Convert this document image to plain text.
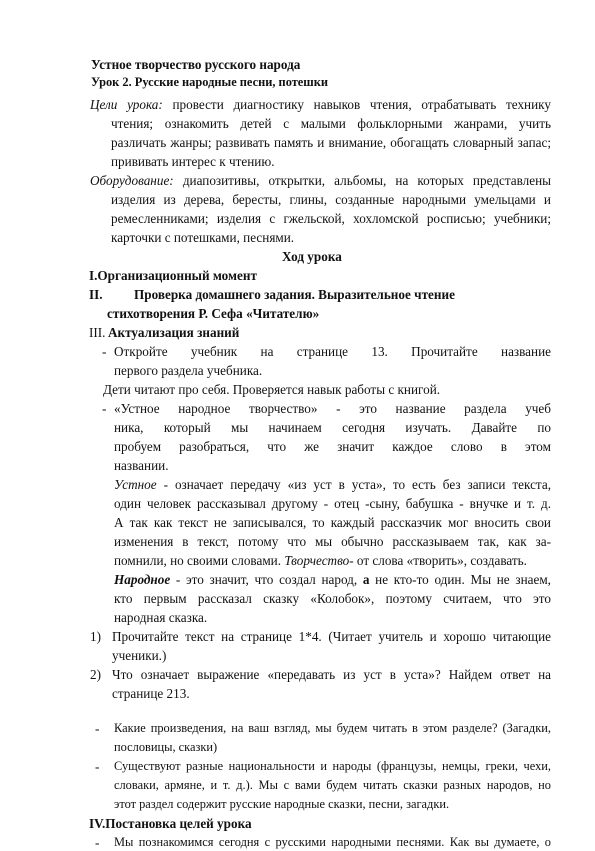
Устное творчество русского народа
Урок 2. Русские народные песни, потешки
Цели урока: провести диагностику навыков чтения, отрабатывать технику
чтения; ознакомить детей с малыми фольклорными жанрами, учить
различать жанры; развивать память и внимание, обогащать словарный запас;
прививать интерес к чтению.
Оборудование: диапозитивы, открытки, альбомы, на которых представлены
изделия из дерева, бересты, глины, созданные народными умельцами и
ремесленниками; изделия с гжельской, хохломской росписью; учебники;
карточки с потешками, песнями.
Ход урока
I.Организационный момент
II. Проверка домашнего задания. Выразительное чтение
стихотворения Р. Сефа «Читателю»
III. Актуализация знаний
- Откройте учебник на странице 13. Прочитайте название
первого раздела учебника.
Дети читают про себя. Проверяется навык работы с книгой.
- «Устное народное творчество» - это название раздела учеб
ника, который мы начинаем сегодня изучать. Давайте по
пробуем разобраться, что же значит каждое слово в этом
названии.
Устное - означает передачу «из уст в уста», то есть без записи текста,
один человек рассказывал другому - отец -сыну, бабушка - внучке и т. д.
А так как текст не записывался, то каждый рассказчик мог вносить свои
изменения в текст, потому что мы обычно рассказываем так, как за-
помнили, но своими словами. Творчество- от слова «творить», создавать.
Народное - это значит, что создал народ, а не кто-то один. Мы не знаем,
кто первым рассказал сказку «Колобок», поэтому считаем, что это
народная сказка.
1) Прочитайте текст на странице 1*4. (Читает учитель и хорошо читающие
ученики.)
2) Что означает выражение «передавать из уст в уста»? Найдем ответ на
странице 213.
- Какие произведения, на ваш взгляд, мы будем читать в этом разделе? (Загадки,
пословицы, сказки)
- Существуют разные национальности и народы (французы, немцы, греки, чехи,
словаки, армяне, и т. д.). Мы с вами будем читать сказки разных народов, но
этот раздел содержит русские народные сказки, песни, загадки.
IV.Постановка целей урока
- Мы познакомимся сегодня с русскими народными песнями. Как вы думаете, о
